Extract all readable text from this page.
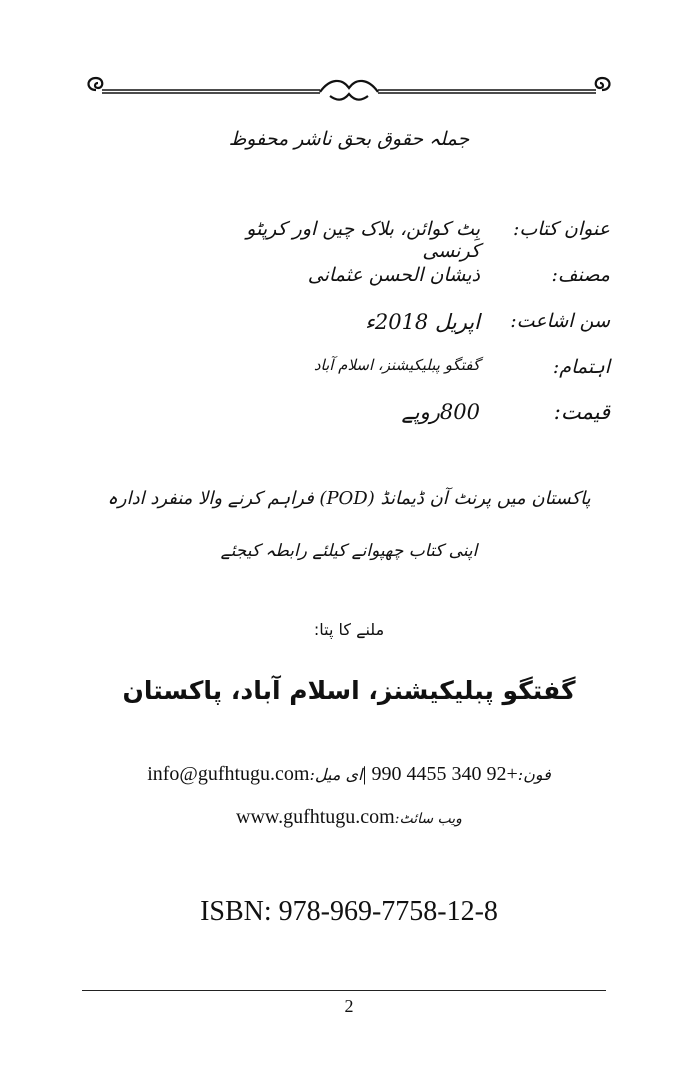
جملہ حقوق بحق ناشر محفوظ
عنوان کتاب:
بِٹ کوائن، بلاک چین اور کرپٹو کرنسی
مصنف:
ذیشان الحسن عثمانی
سن اشاعت:
اپریل 2018ء
اہتمام:
گفتگو پبلیکیشنز، اسلام آباد
قیمت:
800روپے
پاکستان میں پرنٹ آن ڈیمانڈ (POD) فراہم کرنے والا منفرد ادارہ
اپنی کتاب چھپوانے کیلئے رابطہ کیجئے
ملنے کا پتا:
گفتگو پبلیکیشنز، اسلام آباد، پاکستان
فون:990 4455 340 92+ |ای میل:info@gufhtugu.com
ویب سائٹ:www.gufhtugu.com
ISBN: 978-969-7758-12-8
2
